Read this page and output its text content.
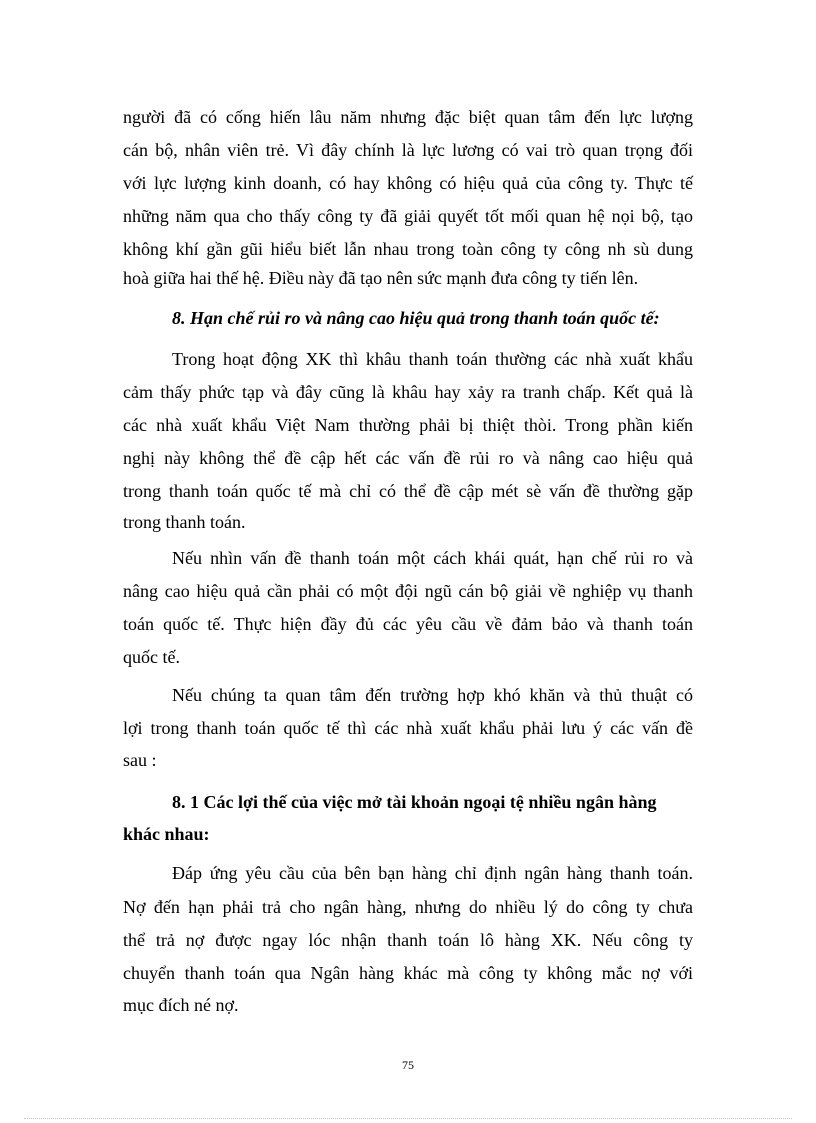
người đã có cống hiến lâu năm nhưng đặc biệt quan tâm đến lực lượng
cán bộ, nhân viên trẻ. Vì đây chính là lực lương có vai trò quan trọng đối
với lực lượng kinh doanh, có hay không có hiệu quả của công ty. Thực tế
những năm qua cho thấy công ty đã giải quyết tốt mối quan hệ nọi bộ, tạo
không khí gần gũi hiểu biết lẫn nhau trong toàn công ty công nh sù dung
hoà giữa hai thế hệ. Điều này đã tạo nên sức mạnh đưa công ty tiến lên.
8. Hạn chế rủi ro và nâng cao hiệu quả trong thanh toán quốc tế:
Trong hoạt động XK thì khâu thanh toán thường các nhà xuất khẩu
cảm thấy phức tạp và đây cũng là khâu hay xảy ra tranh chấp. Kết quả là
các nhà xuất khẩu Việt Nam thường phải bị thiệt thòi. Trong phần kiến
nghị này không thể đề cập hết các vấn đề rủi ro và nâng cao hiệu quả
trong thanh toán quốc tế mà chỉ có thể đề cập mét sè vấn đề thường gặp
trong thanh toán.
Nếu nhìn vấn đề thanh toán một cách khái quát, hạn chế rủi ro và
nâng cao hiệu quả cần phải có một đội ngũ cán bộ giải về nghiệp vụ thanh
toán quốc tế. Thực hiện đầy đủ các yêu cầu về đảm bảo và thanh toán
quốc tế.
Nếu chúng ta quan tâm đến trường hợp khó khăn và thủ thuật có
lợi trong thanh toán quốc tế thì các nhà xuất khẩu phải lưu ý các vấn đề
sau :
8. 1 Các lợi thế của việc mở tài khoản ngoại tệ nhiều ngân hàng
khác nhau:
Đáp ứng yêu cầu của bên bạn hàng chỉ định ngân hàng thanh toán.
Nợ đến hạn phải trả cho ngân hàng, nhưng do nhiều lý do công ty chưa
thể trả nợ được ngay lóc nhận thanh toán lô hàng XK. Nếu công ty
chuyển thanh toán qua Ngân hàng khác mà công ty không mắc nợ với
mục đích né nợ.
75
